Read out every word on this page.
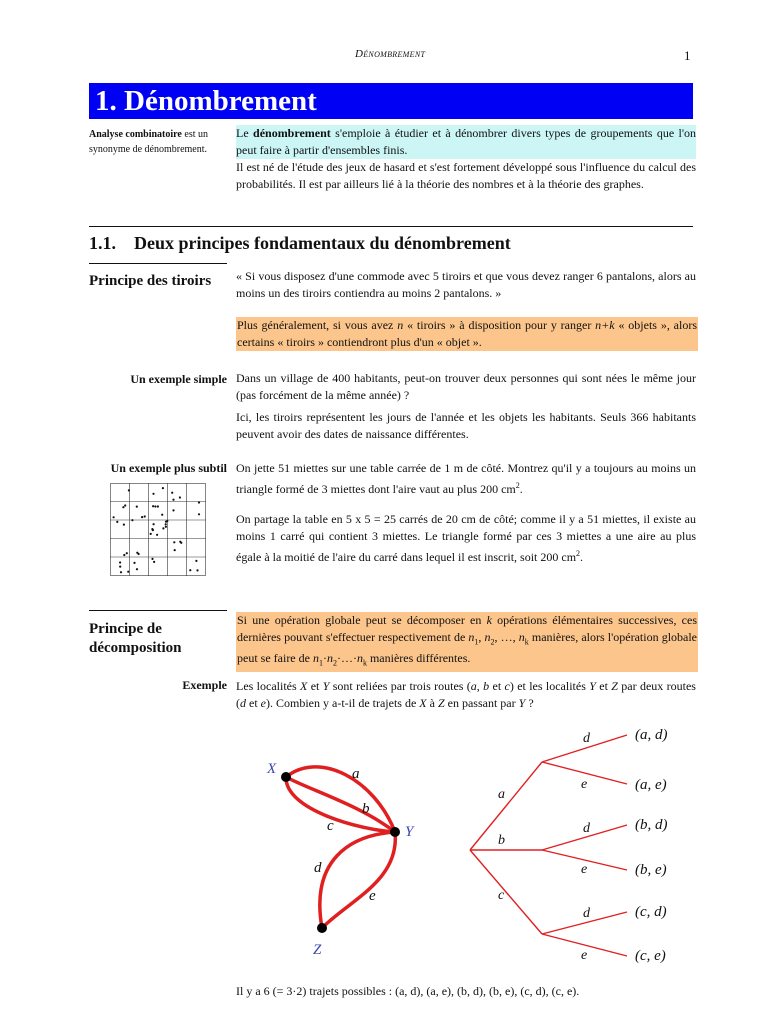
Dénombrement	1
1. Dénombrement
Analyse combinatoire est un synonyme de dénombrement.
Le dénombrement s'emploie à étudier et à dénombrer divers types de groupements que l'on peut faire à partir d'ensembles finis.
Il est né de l'étude des jeux de hasard et s'est fortement développé sous l'influence du calcul des probabilités. Il est par ailleurs lié à la théorie des nombres et à la théorie des graphes.
1.1.    Deux principes fondamentaux du dénombrement
Principe des tiroirs « Si vous disposez d'une commode avec 5 tiroirs et que vous devez ranger 6 pantalons, alors au moins un des tiroirs contiendra au moins 2 pantalons. »
Plus généralement, si vous avez n « tiroirs » à disposition pour y ranger n+k « objets », alors certains « tiroirs » contiendront plus d'un « objet ».
Un exemple simple Dans un village de 400 habitants, peut-on trouver deux personnes qui sont nées le même jour (pas forcément de la même année) ?
Ici, les tiroirs représentent les jours de l'année et les objets les habitants. Seuls 366 habitants peuvent avoir des dates de naissance différentes.
Un exemple plus subtil On jette 51 miettes sur une table carrée de 1 m de côté. Montrez qu'il y a toujours au moins un triangle formé de 3 miettes dont l'aire vaut au plus 200 $cm^2$.
On partage la table en 5 x 5 = 25 carrés de 20 cm de côté; comme il y a 51 miettes, il existe au moins 1 carré qui contient 3 miettes. Le triangle formé par ces 3 miettes a une aire au plus égale à la moitié de l'aire du carré dans lequel il est inscrit, soit 200 $cm^2$.
Principe de décomposition
Si une opération globale peut se décomposer en k opérations élémentaires successives, ces dernières pouvant s'effectuer respectivement de $n_1$, $n_2$, …, $n_k$ manières, alors l'opération globale peut se faire de $n_1\cdot n_2\cdot\dots\cdot n_k$ manières différentes.
Exemple Les localités X et Y sont reliées par trois routes (a, b et c) et les localités Y et Z par deux routes (d et e). Combien y a-t-il de trajets de X à Z en passant par Y ?
X
Y
Z
a
b
c
d
e
a
b
c
d
e
d
e
d
e
(a, d)
(a, e)
(b, d)
(b, e)
(c, d)
(c, e)
Il y a 6 (= 3·2) trajets possibles : (a, d), (a, e), (b, d), (b, e), (c, d), (c, e).
